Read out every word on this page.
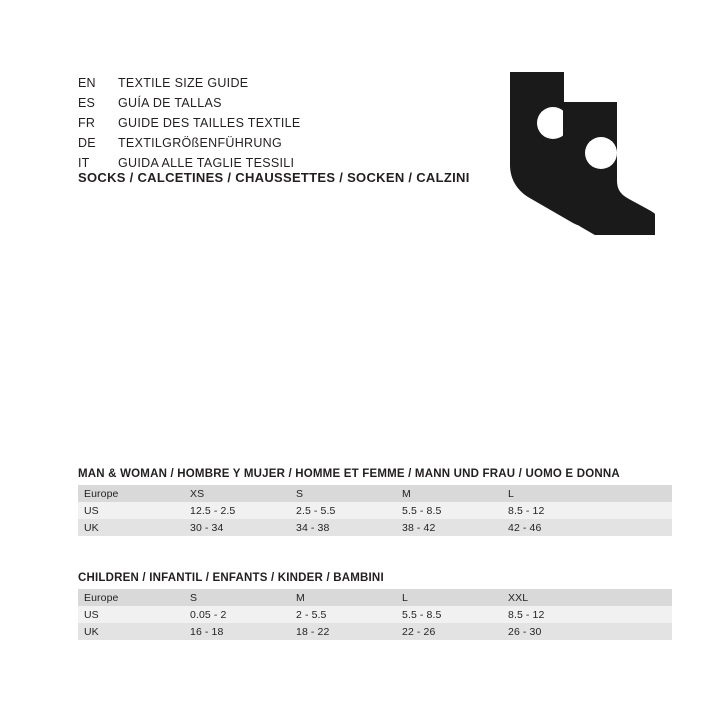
EN	TEXTILE SIZE GUIDE
ES	GUÍA DE TALLAS
FR	GUIDE DES TAILLES TEXTILE
DE	TEXTILGRÖßENFÜHRUNG
IT	GUIDA ALLE TAGLIE TESSILI
SOCKS / CALCETINES / CHAUSSETTES / SOCKEN / CALZINI
MAN & WOMAN / HOMBRE Y MUJER / HOMME ET FEMME / MANN UND FRAU / UOMO E DONNA
Europe	XS	S	M	L

US	12.5 - 2.5	2.5 - 5.5	5.5 - 8.5	8.5 - 12

UK	30 - 34	34 - 38	38 - 42	42 - 46
CHILDREN / INFANTIL / ENFANTS / KINDER / BAMBINI
Europe	S	M	L	XXL

US	0.05 - 2	2 - 5.5	5.5 - 8.5	8.5 - 12

UK	16 - 18	18 - 22	22 - 26	26 - 30
